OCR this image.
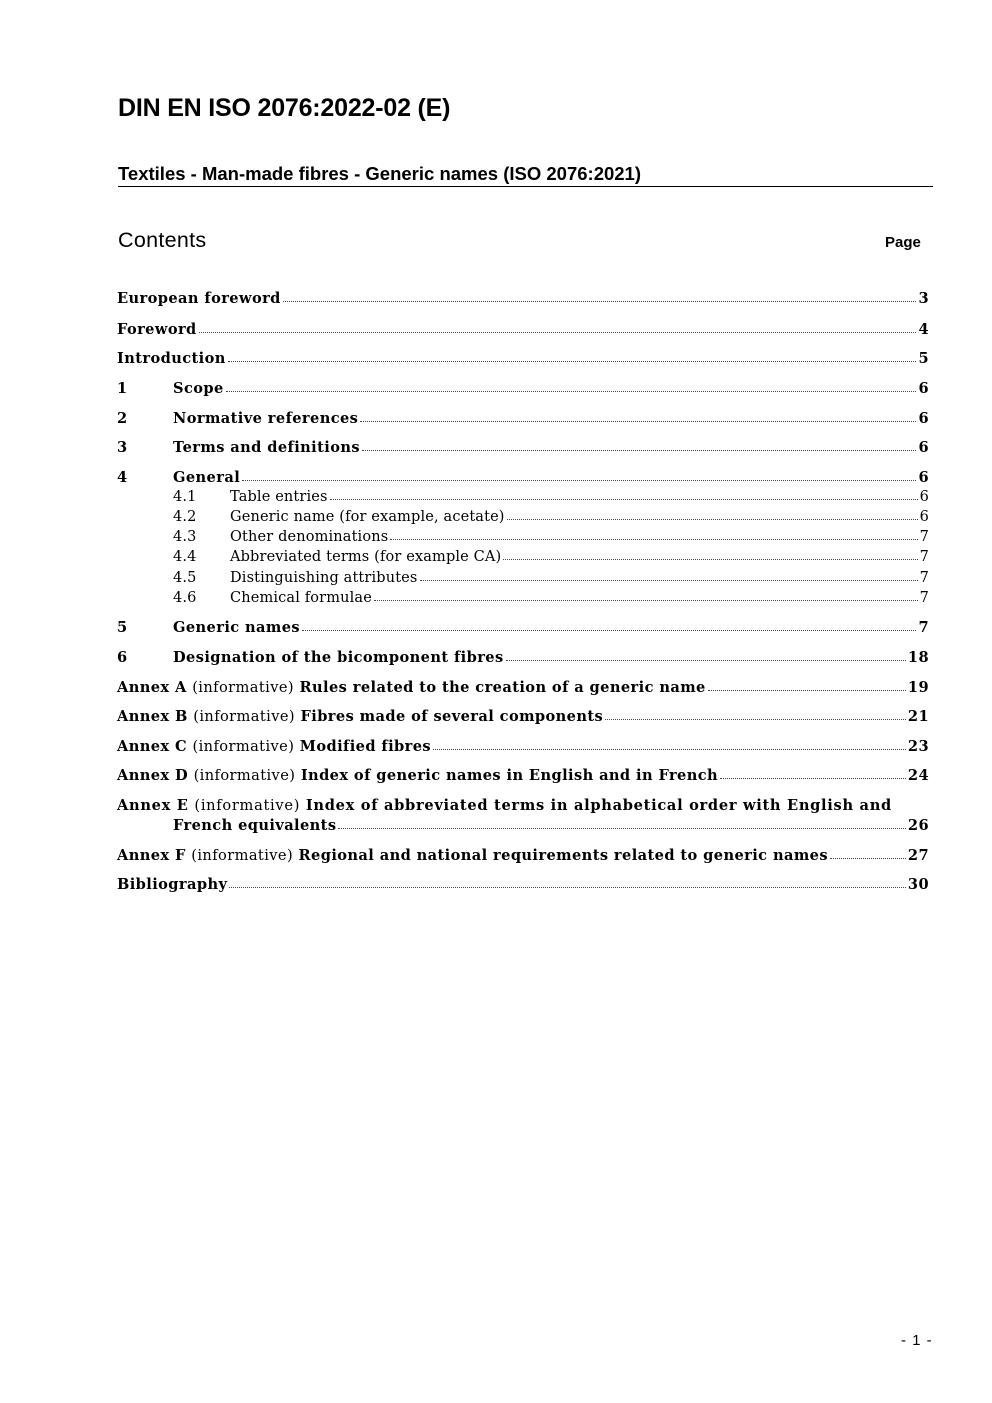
DIN EN ISO 2076:2022-02 (E)
Textiles - Man-made fibres - Generic names (ISO 2076:2021)
Contents	Page
European foreword	3
Foreword	4
Introduction	5
1	Scope	6
2	Normative references	6
3	Terms and definitions	6
4	General	6
4.1	Table entries	6
4.2	Generic name (for example, acetate)	6
4.3	Other denominations	7
4.4	Abbreviated terms (for example CA)	7
4.5	Distinguishing attributes	7
4.6	Chemical formulae	7
5	Generic names	7
6	Designation of the bicomponent fibres	18
Annex A (informative) Rules related to the creation of a generic name	19
Annex B (informative) Fibres made of several components	21
Annex C (informative) Modified fibres	23
Annex D (informative) Index of generic names in English and in French	24
Annex E (informative) Index of abbreviated terms in alphabetical order with English and
French equivalents	26
Annex F (informative) Regional and national requirements related to generic names	27
Bibliography	30
- 1 -
